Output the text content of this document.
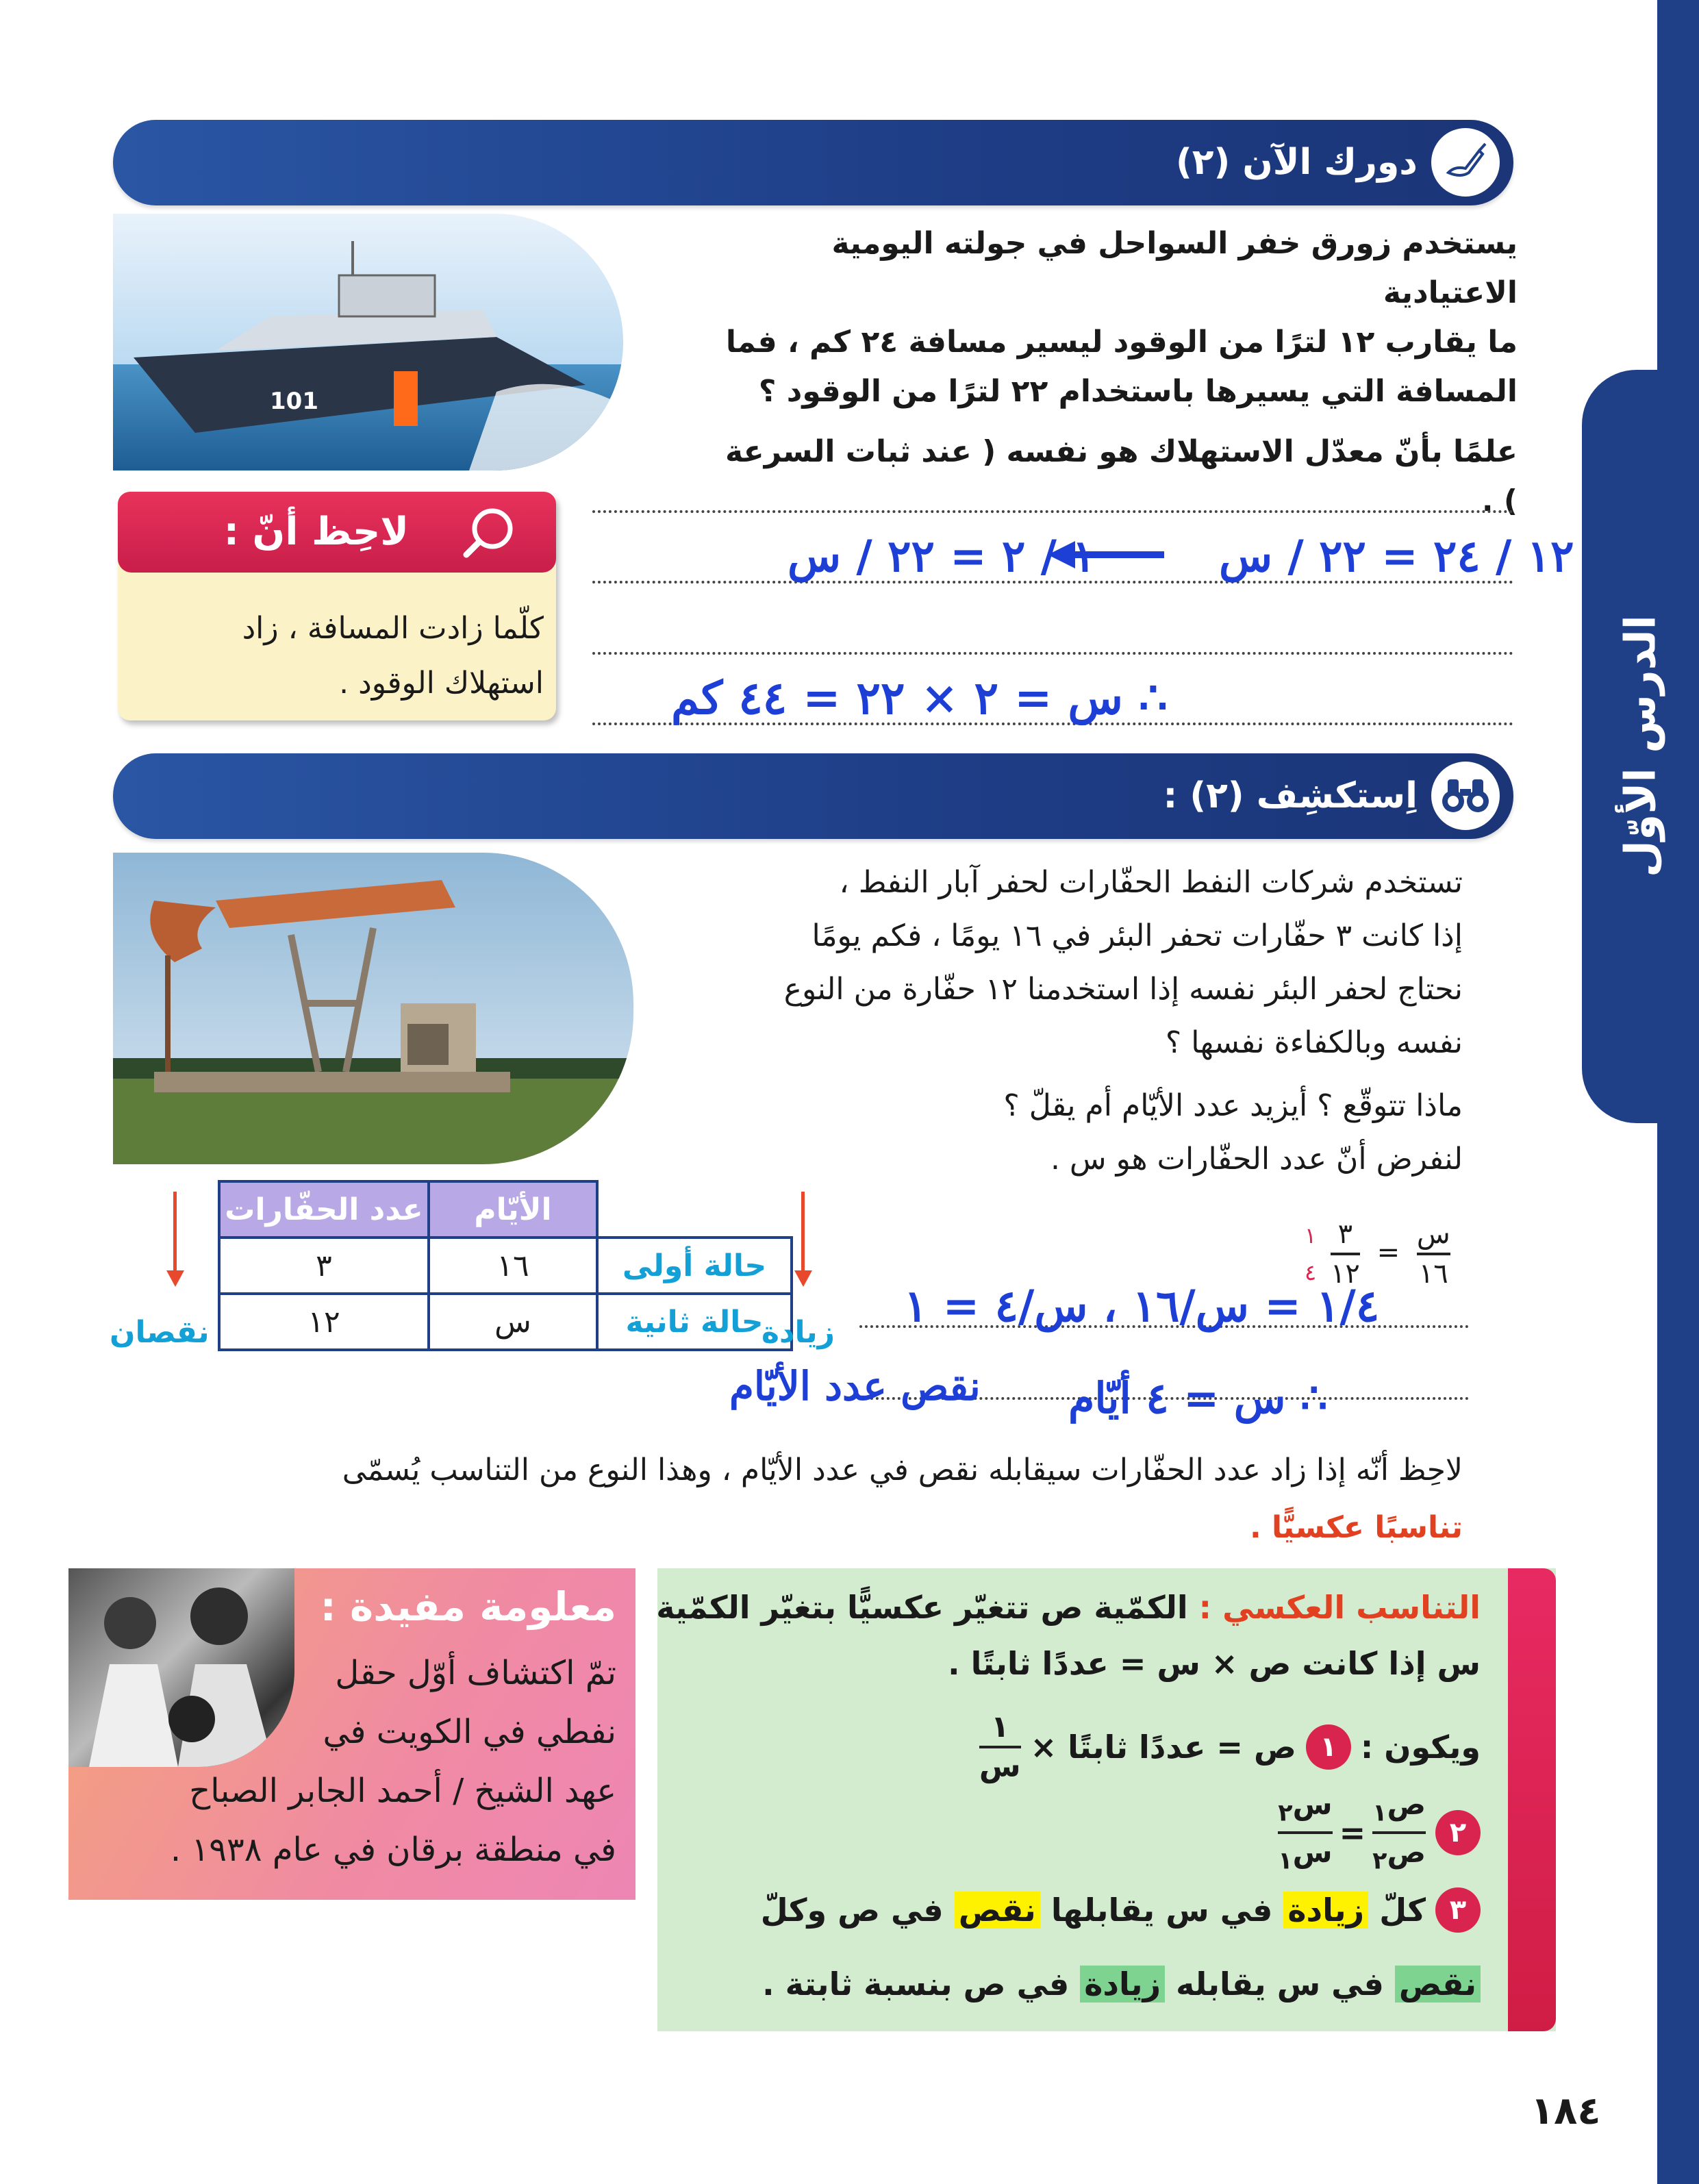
الدرس الأوّل
دورك الآن (٢)
يستخدم زورق خفر السواحل في جولته اليومية الاعتيادية
ما يقارب ١٢ لترًا من الوقود ليسير مسافة ٢٤ كم ، فما
المسافة التي يسيرها باستخدام ٢٢ لترًا من الوقود ؟
علمًا بأنّ معدّل الاستهلاك هو نفسه ( عند ثبات السرعة ) .
101
لاحِظ أنّ :
كلّما زادت المسافة ، زاد
استهلاك الوقود .
١٢ / ٢٤ = ٢٢ / س
١ / ٢ = ٢٢ / س
∴ س = ٢ × ٢٢ = ٤٤ كم
اِستكشِف (٢) :
تستخدم شركات النفط الحفّارات لحفر آبار النفط ،
إذا كانت ٣ حفّارات تحفر البئر في ١٦ يومًا ، فكم يومًا
نحتاج لحفر البئر نفسه إذا استخدمنا ١٢ حفّارة من النوع
نفسه وبالكفاءة نفسها ؟
ماذا تتوقّع ؟ أيزيد عدد الأيّام أم يقلّ ؟
لنفرض أنّ عدد الحفّارات هو س .
$\frac{\text{س}}{١٦}$
=
$\frac{٣}{١٢}$

١
٤
	الأيّام	عدد الحفّارات
حالة أولى	١٦	٣
حالة ثانية	س	١٢	زيادة
نقصان
١/٤ = س/١٦ ، س/٤ = ١
∴ س = ٤ أيّام
نقص عدد الأيّام
لاحِظ أنّه إذا زاد عدد الحفّارات سيقابله نقص في عدد الأيّام ، وهذا النوع من التناسب يُسمّى
تناسبًا عكسيًّا .
معلومة مفيدة :
تمّ اكتشاف أوّل حقل
نفطي في الكويت في
عهد الشيخ / أحمد الجابر الصباح
في منطقة برقان في عام ١٩٣٨ .
التناسب العكسي : الكمّية ص تتغيّر عكسيًّا بتغيّر الكمّية
س إذا كانت ص × س = عددًا ثابتًا .
ويكون :
١
ص = عددًا ثابتًا ×
$\frac{١}{\text{س}}$
٢
$\frac{ص_١}{ص_٢}$
=
$\frac{س_٢}{س_١}$
٣
كلّ

زيادة

في س يقابلها

نقص

في ص وكلّ
نقص

في س يقابله

زيادة

في ص بنسبة ثابتة .
١٨٤
